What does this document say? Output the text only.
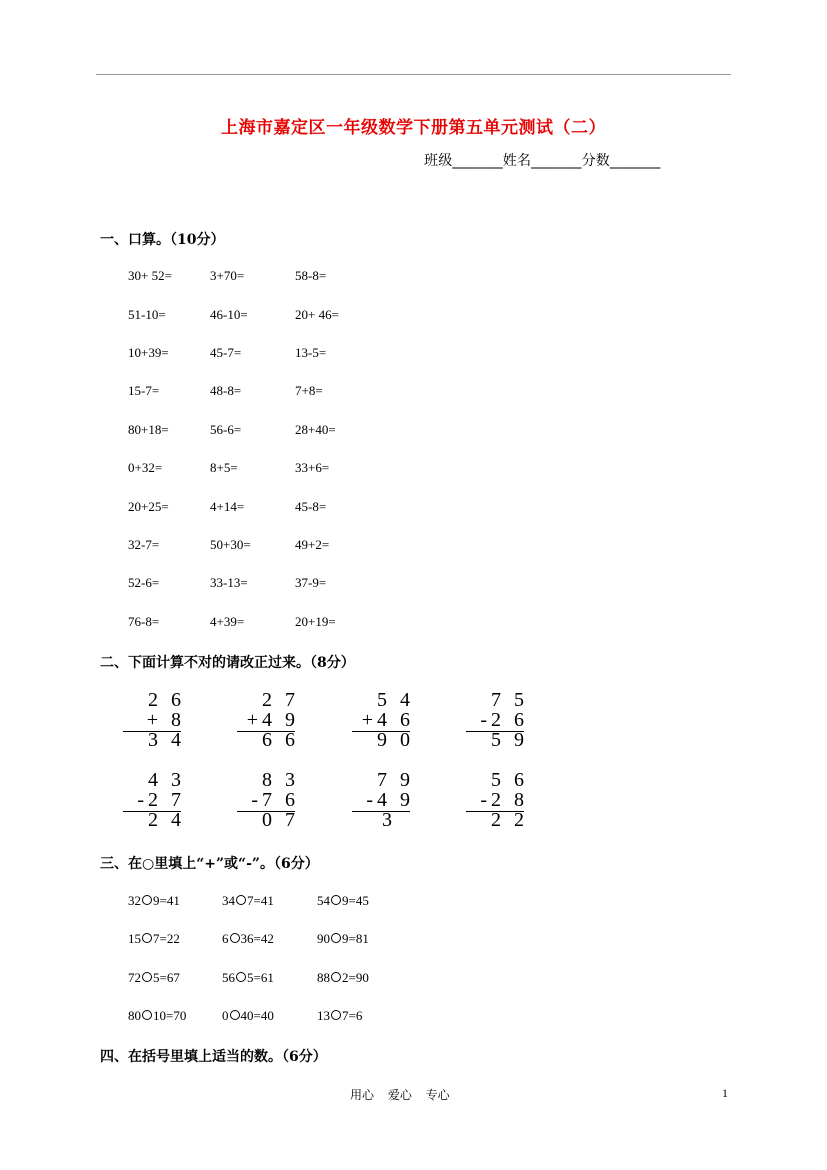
上海市嘉定区一年级数学下册第五单元测试（二）
班级_______姓名_______分数_______
一、口算。（10分）
30+ 52=	3+70=	58-8=
51-10=	46-10=	20+ 46=
10+39=	45-7=	13-5=
15-7=	48-8=	7+8=
80+18=	56-6=	28+40=
0+32=	8+5=	33+6=
20+25=	4+14=	45-8=
32-7=	50+30=	49+2=
52-6=	33-13=	37-9=
76-8=	4+39=	20+19=
二、下面计算不对的请改正过来。（8分）
2 6
+ 8
3 4
2 7
+4 9
6 6
5 4
+4 6
9 0
7 5
-2 6
5 9
4 3
-2 7
2 4
8 3
-7 6
0 7
7 9
-4 9
3
5 6
-2 8
2 2
三、在○里填上“+”或“-”。（6分）
32 9=41	34 7=41	54 9=45
15 7=22	6 36=42	90 9=81
72 5=67	56 5=61	88 2=90
80 10=70	0 40=40	13 7=6
四、在括号里填上适当的数。（6分）
用心 爱心 专心	1
